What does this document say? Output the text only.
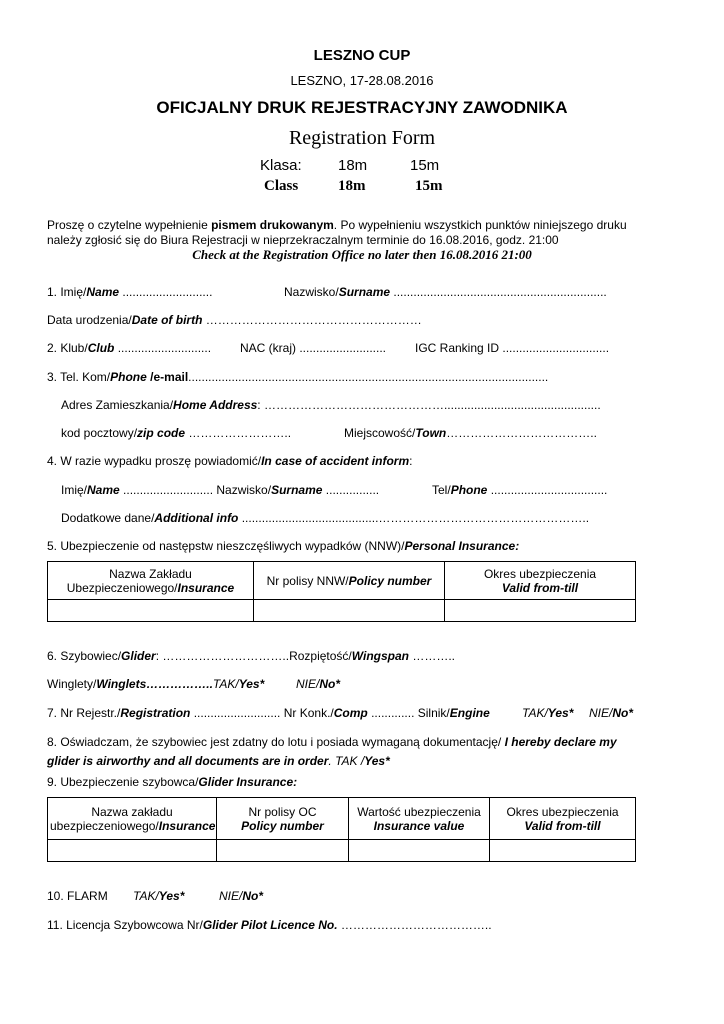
LESZNO CUP
LESZNO, 17-28.08.2016
OFICJALNY DRUK REJESTRACYJNY ZAWODNIKA
Registration Form
Klasa: 18m	15m
Class	18m	15m
Proszę o czytelne wypełnienie pismem drukowanym. Po wypełnieniu wszystkich punktów niniejszego druku
należy zgłosić się do Biura Rejestracji w nieprzekraczalnym terminie do 16.08.2016, godz. 21:00
Check at the Registration Office no later then 16.08.2016 21:00
1. Imię/Name ...........................	Nazwisko/Surname ................................................................
Data urodzenia/Date of birth ………………………………………………
2. Klub/Club ............................ NAC (kraj) .......................... IGC Ranking ID ................................
3. Tel. Kom/Phone /e-mail............................................................................................................
Adres Zamieszkania/Home Address: ………………………………………...............................................
kod pocztowy/zip code ……………………..	Miejscowość/Town………………………………..
4. W razie wypadku proszę powiadomić/In case of accident inform:
Imię/Name ........................... Nazwisko/Surname ................	Tel/Phone ...................................
Dodatkowe dane/Additional info .........................................……………………………………………..
5. Ubezpieczenie od następstw nieszczęśliwych wypadków (NNW)/Personal Insurance:
Nazwa Zakładu
Ubezpieczeniowego/Insurance	Nr polisy NNW/Policy number	Okres ubezpieczenia
Valid from-till

6. Szybowiec/Glider: …………………………..Rozpiętość/Wingspan ………..
Winglety/Winglets……………..TAK/Yes*	NIE/No*
7. Nr Rejestr./Registration .......................... Nr Konk./Comp ............. Silnik/Engine	TAK/Yes* NIE/No*
8. Oświadczam, że szybowiec jest zdatny do lotu i posiada wymaganą dokumentację/ I hereby declare my
glider is airworthy and all documents are in order. TAK /Yes*
9. Ubezpieczenie szybowca/Glider Insurance:
Nazwa zakładu
ubezpieczeniowego/Insurance	Nr polisy OC
Policy number	Wartość ubezpieczenia
Insurance value	Okres ubezpieczenia
Valid from-till

10. FLARM TAK/Yes*	NIE/No*
11. Licencja Szybowcowa Nr/Glider Pilot Licence No. ………………………………..
